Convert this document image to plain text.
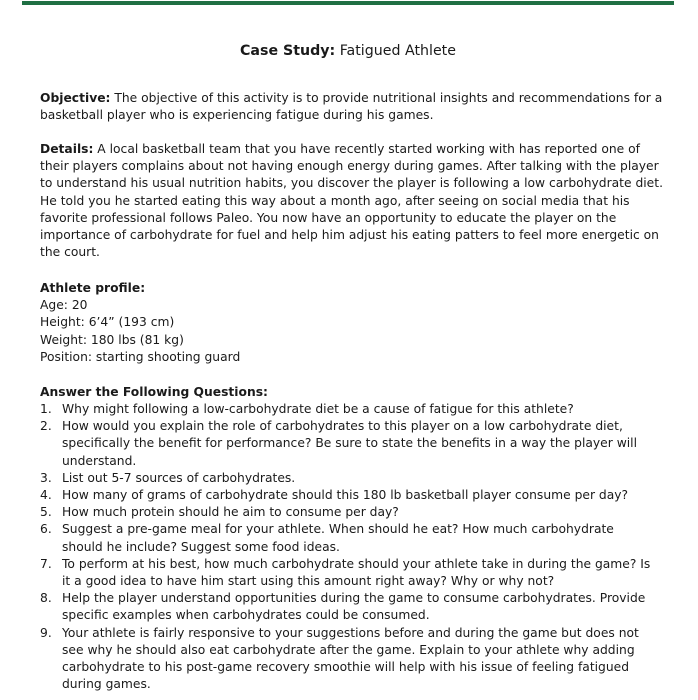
Case Study: Fatigued Athlete

Objective: The objective of this activity is to provide nutritional insights and recommendations for a
basketball player who is experiencing fatigue during his games.

Details: A local basketball team that you have recently started working with has reported one of
their players complains about not having enough energy during games. After talking with the player
to understand his usual nutrition habits, you discover the player is following a low carbohydrate diet.
He told you he started eating this way about a month ago, after seeing on social media that his
favorite professional follows Paleo. You now have an opportunity to educate the player on the
importance of carbohydrate for fuel and help him adjust his eating patters to feel more energetic on
the court.

Athlete profile:
Age: 20
Height: 6’4” (193 cm)
Weight: 180 lbs (81 kg)
Position: starting shooting guard
Answer the Following Questions:
1. Why might following a low-carbohydrate diet be a cause of fatigue for this athlete?
2. How would you explain the role of carbohydrates to this player on a low carbohydrate diet,
specifically the benefit for performance? Be sure to state the benefits in a way the player will
understand.
3. List out 5-7 sources of carbohydrates.
4. How many of grams of carbohydrate should this 180 lb basketball player consume per day?
5. How much protein should he aim to consume per day?
6. Suggest a pre-game meal for your athlete. When should he eat? How much carbohydrate
should he include? Suggest some food ideas.
7. To perform at his best, how much carbohydrate should your athlete take in during the game? Is
it a good idea to have him start using this amount right away? Why or why not?
8. Help the player understand opportunities during the game to consume carbohydrates. Provide
specific examples when carbohydrates could be consumed.
9. Your athlete is fairly responsive to your suggestions before and during the game but does not
see why he should also eat carbohydrate after the game. Explain to your athlete why adding
carbohydrate to his post-game recovery smoothie will help with his issue of feeling fatigued
during games.
